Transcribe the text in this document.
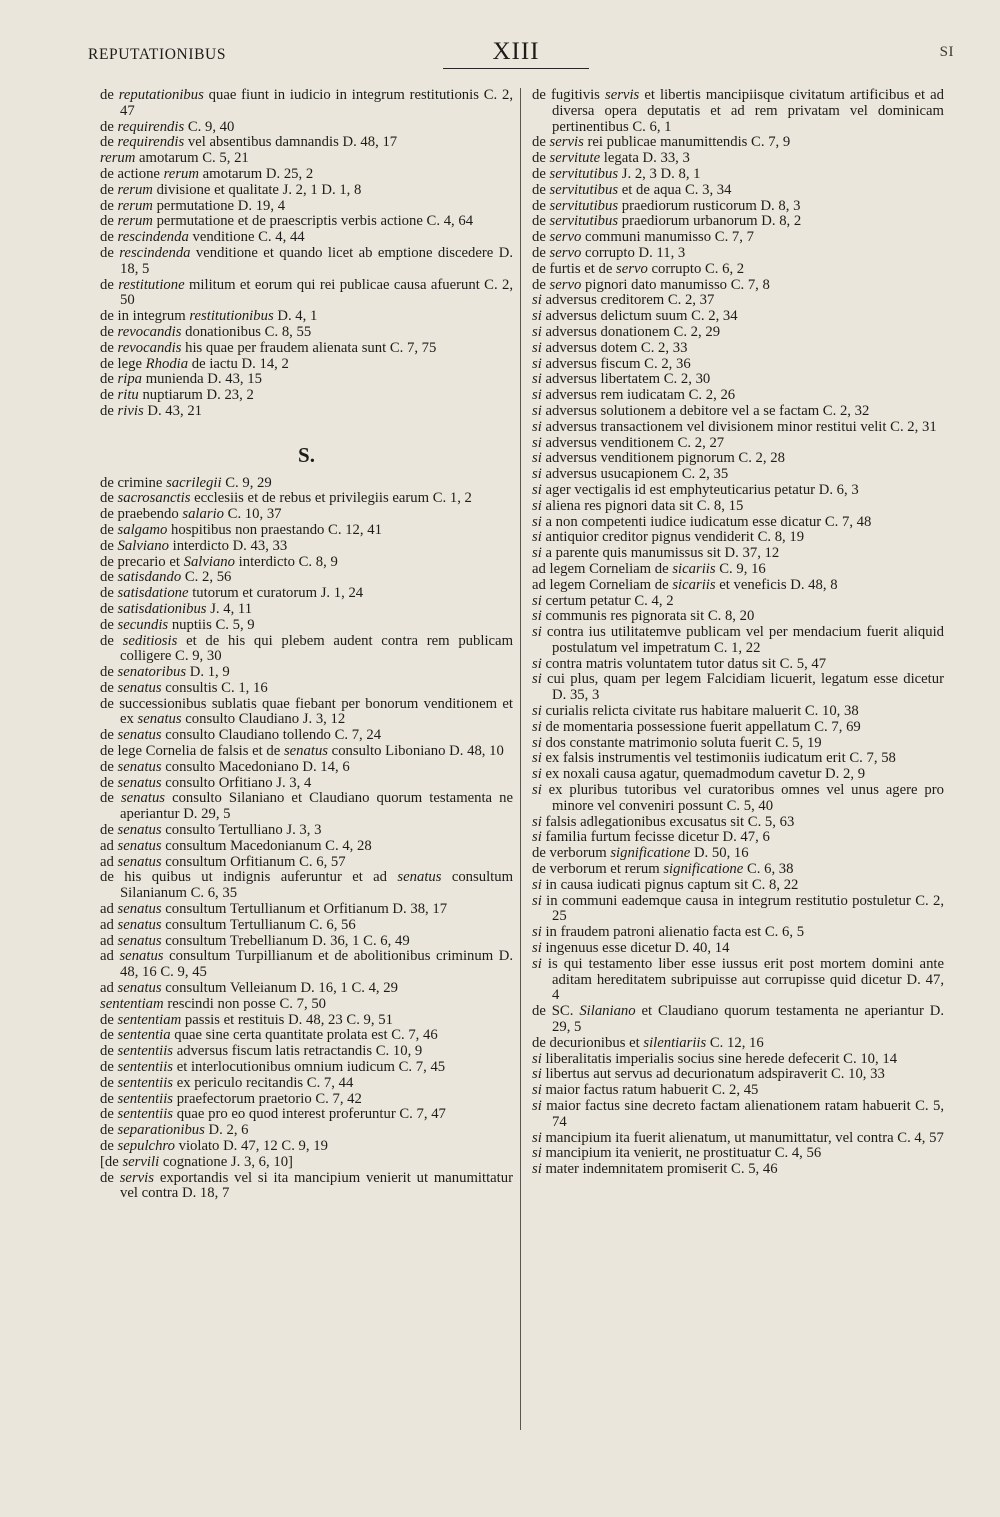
REPUTATIONIBUS	XIII	SI
de reputationibus quae fiunt in iudicio in integrum restitutionis C. 2, 47
de requirendis C. 9, 40
de requirendis vel absentibus damnandis D. 48, 17
rerum amotarum C. 5, 21
de actione rerum amotarum D. 25, 2
de rerum divisione et qualitate J. 2, 1 D. 1, 8
de rerum permutatione D. 19, 4
de rerum permutatione et de praescriptis verbis actione C. 4, 64
de rescindenda venditione C. 4, 44
de rescindenda venditione et quando licet ab emptione discedere D. 18, 5
de restitutione militum et eorum qui rei publicae causa afuerunt C. 2, 50
de in integrum restitutionibus D. 4, 1
de revocandis donationibus C. 8, 55
de revocandis his quae per fraudem alienata sunt C. 7, 75
de lege Rhodia de iactu D. 14, 2
de ripa munienda D. 43, 15
de ritu nuptiarum D. 23, 2
de rivis D. 43, 21
S.
de crimine sacrilegii C. 9, 29
de sacrosanctis ecclesiis et de rebus et privilegiis earum C. 1, 2
de praebendo salario C. 10, 37
de salgamo hospitibus non praestando C. 12, 41
de Salviano interdicto D. 43, 33
de precario et Salviano interdicto C. 8, 9
de satisdando C. 2, 56
de satisdatione tutorum et curatorum J. 1, 24
de satisdationibus J. 4, 11
de secundis nuptiis C. 5, 9
de seditiosis et de his qui plebem audent contra rem publicam colligere C. 9, 30
de senatoribus D. 1, 9
de senatus consultis C. 1, 16
de successionibus sublatis quae fiebant per bonorum venditionem et ex senatus consulto Claudiano J. 3, 12
de senatus consulto Claudiano tollendo C. 7, 24
de lege Cornelia de falsis et de senatus consulto Liboniano D. 48, 10
de senatus consulto Macedoniano D. 14, 6
de senatus consulto Orfitiano J. 3, 4
de senatus consulto Silaniano et Claudiano quorum testamenta ne aperiantur D. 29, 5
de senatus consulto Tertulliano J. 3, 3
ad senatus consultum Macedonianum C. 4, 28
ad senatus consultum Orfitianum C. 6, 57
de his quibus ut indignis auferuntur et ad senatus consultum Silanianum C. 6, 35
ad senatus consultum Tertullianum et Orfitianum D. 38, 17
ad senatus consultum Tertullianum C. 6, 56
ad senatus consultum Trebellianum D. 36, 1 C. 6, 49
ad senatus consultum Turpillianum et de abolitionibus criminum D. 48, 16 C. 9, 45
ad senatus consultum Velleianum D. 16, 1 C. 4, 29
sententiam rescindi non posse C. 7, 50
de sententiam passis et restituis D. 48, 23 C. 9, 51
de sententia quae sine certa quantitate prolata est C. 7, 46
de sententiis adversus fiscum latis retractandis C. 10, 9
de sententiis et interlocutionibus omnium iudicum C. 7, 45
de sententiis ex periculo recitandis C. 7, 44
de sententiis praefectorum praetorio C. 7, 42
de sententiis quae pro eo quod interest proferuntur C. 7, 47
de separationibus D. 2, 6
de sepulchro violato D. 47, 12 C. 9, 19
[de servili cognatione J. 3, 6, 10]
de servis exportandis vel si ita mancipium venierit ut manumittatur vel contra D. 18, 7
de fugitivis servis et libertis mancipiisque civitatum artificibus et ad diversa opera deputatis et ad rem privatam vel dominicam pertinentibus C. 6, 1
de servis rei publicae manumittendis C. 7, 9
de servitute legata D. 33, 3
de servitutibus J. 2, 3 D. 8, 1
de servitutibus et de aqua C. 3, 34
de servitutibus praediorum rusticorum D. 8, 3
de servitutibus praediorum urbanorum D. 8, 2
de servo communi manumisso C. 7, 7
de servo corrupto D. 11, 3
de furtis et de servo corrupto C. 6, 2
de servo pignori dato manumisso C. 7, 8
si adversus creditorem C. 2, 37
si adversus delictum suum C. 2, 34
si adversus donationem C. 2, 29
si adversus dotem C. 2, 33
si adversus fiscum C. 2, 36
si adversus libertatem C. 2, 30
si adversus rem iudicatam C. 2, 26
si adversus solutionem a debitore vel a se factam C. 2, 32
si adversus transactionem vel divisionem minor restitui velit C. 2, 31
si adversus venditionem C. 2, 27
si adversus venditionem pignorum C. 2, 28
si adversus usucapionem C. 2, 35
si ager vectigalis id est emphyteuticarius petatur D. 6, 3
si aliena res pignori data sit C. 8, 15
si a non competenti iudice iudicatum esse dicatur C. 7, 48
si antiquior creditor pignus vendiderit C. 8, 19
si a parente quis manumissus sit D. 37, 12
ad legem Corneliam de sicariis C. 9, 16
ad legem Corneliam de sicariis et veneficis D. 48, 8
si certum petatur C. 4, 2
si communis res pignorata sit C. 8, 20
si contra ius utilitatemve publicam vel per mendacium fuerit aliquid postulatum vel impetratum C. 1, 22
si contra matris voluntatem tutor datus sit C. 5, 47
si cui plus, quam per legem Falcidiam licuerit, legatum esse dicetur D. 35, 3
si curialis relicta civitate rus habitare maluerit C. 10, 38
si de momentaria possessione fuerit appellatum C. 7, 69
si dos constante matrimonio soluta fuerit C. 5, 19
si ex falsis instrumentis vel testimoniis iudicatum erit C. 7, 58
si ex noxali causa agatur, quemadmodum cavetur D. 2, 9
si ex pluribus tutoribus vel curatoribus omnes vel unus agere pro minore vel conveniri possunt C. 5, 40
si falsis adlegationibus excusatus sit C. 5, 63
si familia furtum fecisse dicetur D. 47, 6
de verborum significatione D. 50, 16
de verborum et rerum significatione C. 6, 38
si in causa iudicati pignus captum sit C. 8, 22
si in communi eademque causa in integrum restitutio postuletur C. 2, 25
si in fraudem patroni alienatio facta est C. 6, 5
si ingenuus esse dicetur D. 40, 14
si is qui testamento liber esse iussus erit post mortem domini ante aditam hereditatem subripuisse aut corrupisse quid dicetur D. 47, 4
de SC. Silaniano et Claudiano quorum testamenta ne aperiantur D. 29, 5
de decurionibus et silentiariis C. 12, 16
si liberalitatis imperialis socius sine herede defecerit C. 10, 14
si libertus aut servus ad decurionatum adspiraverit C. 10, 33
si maior factus ratum habuerit C. 2, 45
si maior factus sine decreto factam alienationem ratam habuerit C. 5, 74
si mancipium ita fuerit alienatum, ut manumittatur, vel contra C. 4, 57
si mancipium ita venierit, ne prostituatur C. 4, 56
si mater indemnitatem promiserit C. 5, 46
